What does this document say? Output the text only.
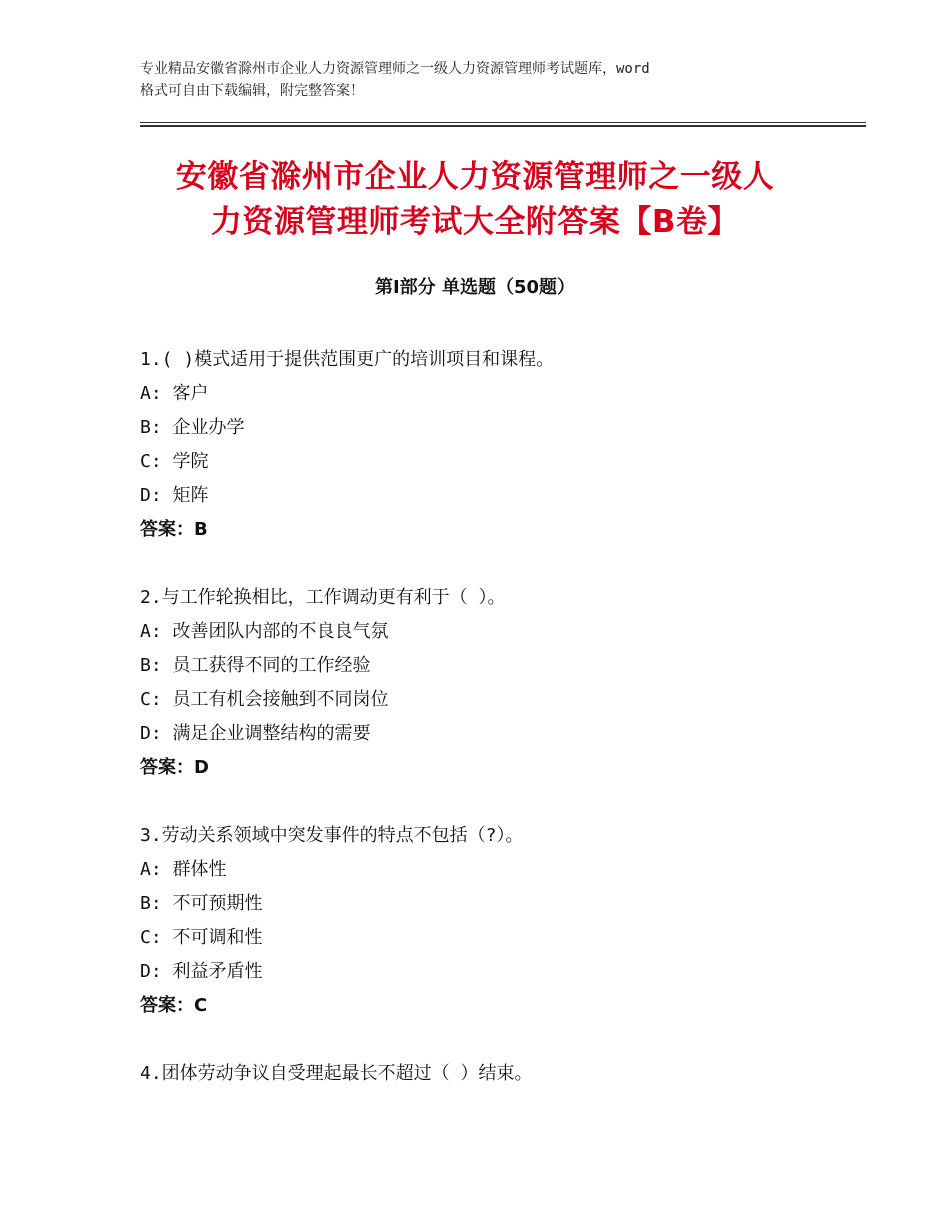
专业精品安徽省滁州市企业人力资源管理师之一级人力资源管理师考试题库，word
格式可自由下载编辑，附完整答案！
安徽省滁州市企业人力资源管理师之一级人
力资源管理师考试大全附答案【B卷】
第Ⅰ部分 单选题（50题）
1.( )模式适用于提供范围更广的培训项目和课程。
A: 客户
B: 企业办学
C: 学院
D: 矩阵
答案：B
2.与工作轮换相比，工作调动更有利于（ ）。
A: 改善团队内部的不良良气氛
B: 员工获得不同的工作经验
C: 员工有机会接触到不同岗位
D: 满足企业调整结构的需要
答案：D
3.劳动关系领域中突发事件的特点不包括（?）。
A: 群体性
B: 不可预期性
C: 不可调和性
D: 利益矛盾性
答案：C
4.团体劳动争议自受理起最长不超过（ ）结束。
